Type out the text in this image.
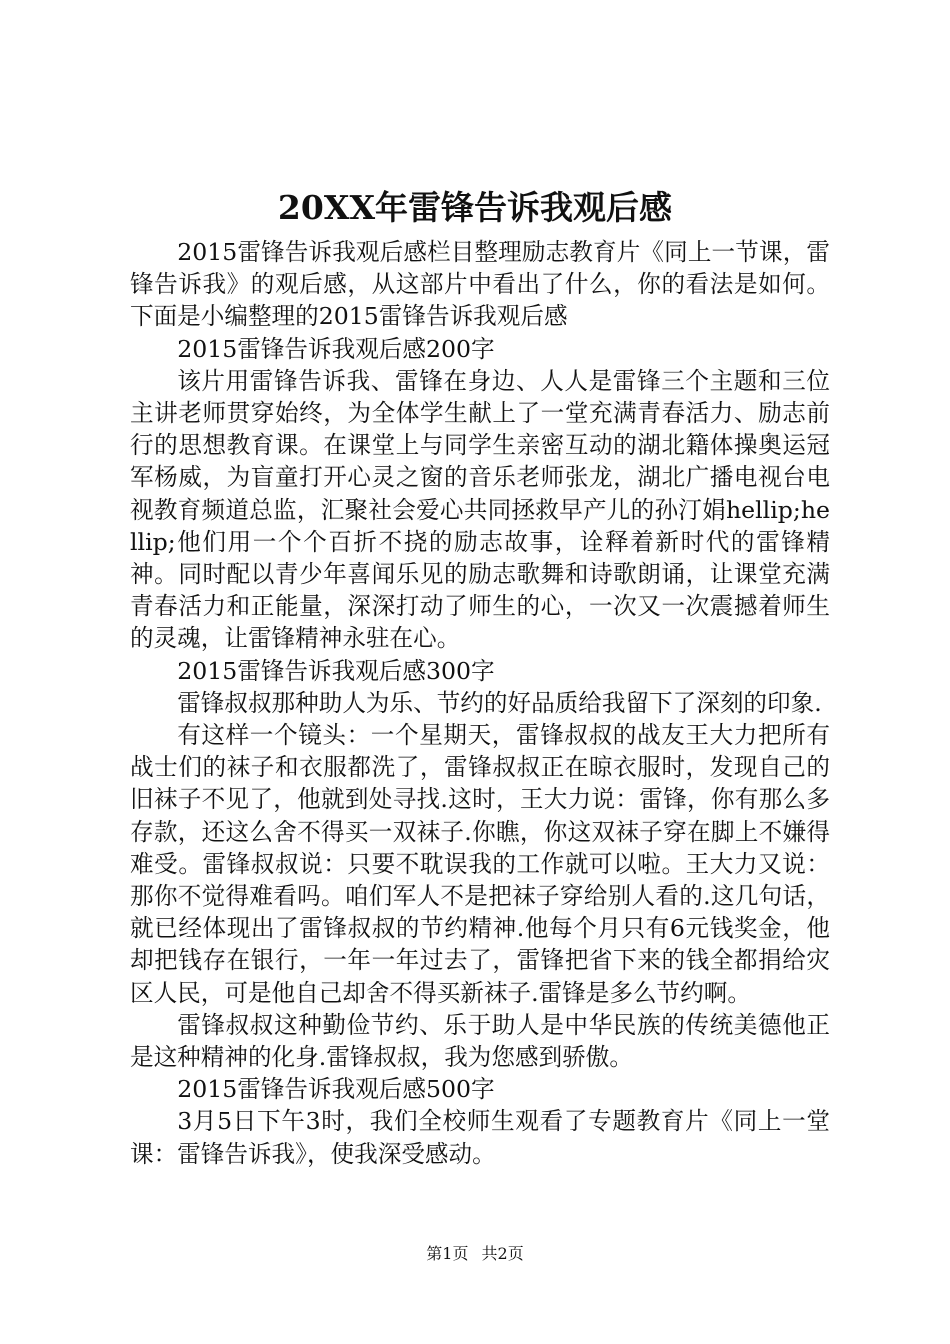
20XX年雷锋告诉我观后感

2015雷锋告诉我观后感栏目整理励志教育片《同上一节课，雷锋告诉我》的观后感，从这部片中看出了什么，你的看法是如何。下面是小编整理的2015雷锋告诉我观后感

2015雷锋告诉我观后感200字

该片用雷锋告诉我、雷锋在身边、人人是雷锋三个主题和三位主讲老师贯穿始终，为全体学生献上了一堂充满青春活力、励志前行的思想教育课。在课堂上与同学生亲密互动的湖北籍体操奥运冠军杨威，为盲童打开心灵之窗的音乐老师张龙，湖北广播电视台电视教育频道总监，汇聚社会爱心共同拯救早产儿的孙汀娟hellip;hellip;他们用一个个百折不挠的励志故事，诠释着新时代的雷锋精神。同时配以青少年喜闻乐见的励志歌舞和诗歌朗诵，让课堂充满青春活力和正能量，深深打动了师生的心，一次又一次震撼着师生的灵魂，让雷锋精神永驻在心。

2015雷锋告诉我观后感300字

雷锋叔叔那种助人为乐、节约的好品质给我留下了深刻的印象.

有这样一个镜头：一个星期天，雷锋叔叔的战友王大力把所有战士们的袜子和衣服都洗了，雷锋叔叔正在晾衣服时，发现自己的旧袜子不见了，他就到处寻找.这时，王大力说：雷锋，你有那么多存款，还这么舍不得买一双袜子.你瞧，你这双袜子穿在脚上不嫌得难受。雷锋叔叔说：只要不耽误我的工作就可以啦。王大力又说：那你不觉得难看吗。咱们军人不是把袜子穿给别人看的.这几句话，就已经体现出了雷锋叔叔的节约精神.他每个月只有6元钱奖金，他却把钱存在银行，一年一年过去了，雷锋把省下来的钱全都捐给灾区人民，可是他自己却舍不得买新袜子.雷锋是多么节约啊。

雷锋叔叔这种勤俭节约、乐于助人是中华民族的传统美德他正是这种精神的化身.雷锋叔叔，我为您感到骄傲。

2015雷锋告诉我观后感500字

3月5日下午3时，我们全校师生观看了专题教育片《同上一堂课：雷锋告诉我》，使我深受感动。

第1页 共2页
